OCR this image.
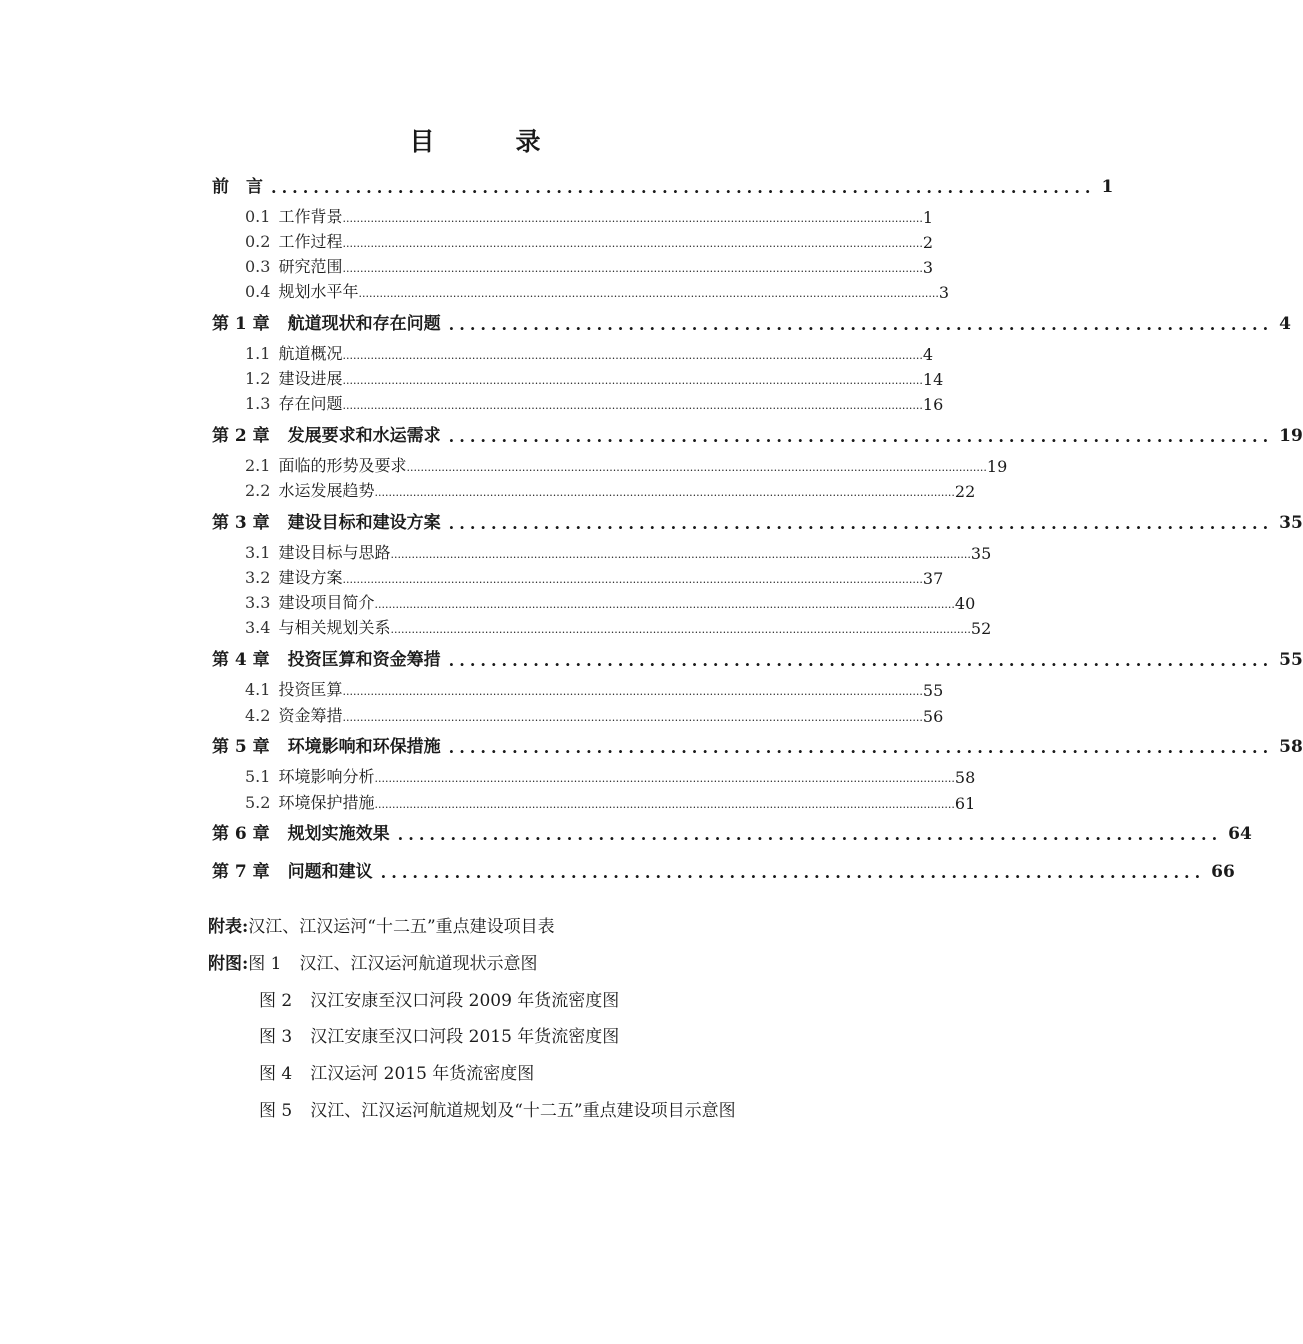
目　录
前　言 .............................................................................. 1
0.1 工作背景 ...................................................................................................................................................................... 1
0.2 工作过程 ...................................................................................................................................................................... 2
0.3 研究范围 ...................................................................................................................................................................... 3
0.4 规划水平年 ...................................................................................................................................................................... 3
第 1 章 航道现状和存在问题 .............................................................................. 4
1.1 航道概况 ...................................................................................................................................................................... 4
1.2 建设进展 ...................................................................................................................................................................... 14
1.3 存在问题 ...................................................................................................................................................................... 16
第 2 章 发展要求和水运需求 .............................................................................. 19
2.1 面临的形势及要求 ...................................................................................................................................................................... 19
2.2 水运发展趋势 ...................................................................................................................................................................... 22
第 3 章 建设目标和建设方案 .............................................................................. 35
3.1 建设目标与思路 ...................................................................................................................................................................... 35
3.2 建设方案 ...................................................................................................................................................................... 37
3.3 建设项目简介 ...................................................................................................................................................................... 40
3.4 与相关规划关系 ...................................................................................................................................................................... 52
第 4 章 投资匡算和资金筹措 .............................................................................. 55
4.1 投资匡算 ...................................................................................................................................................................... 55
4.2 资金筹措 ...................................................................................................................................................................... 56
第 5 章 环境影响和环保措施 .............................................................................. 58
5.1 环境影响分析 ...................................................................................................................................................................... 58
5.2 环境保护措施 ...................................................................................................................................................................... 61
第 6 章 规划实施效果 .............................................................................. 64
第 7 章 问题和建议 .............................................................................. 66
附表:汉江、江汉运河“十二五”重点建设项目表
附图:图 1 汉江、江汉运河航道现状示意图
图 2 汉江安康至汉口河段 2009 年货流密度图
图 3 汉江安康至汉口河段 2015 年货流密度图
图 4 江汉运河 2015 年货流密度图
图 5 汉江、江汉运河航道规划及“十二五”重点建设项目示意图
